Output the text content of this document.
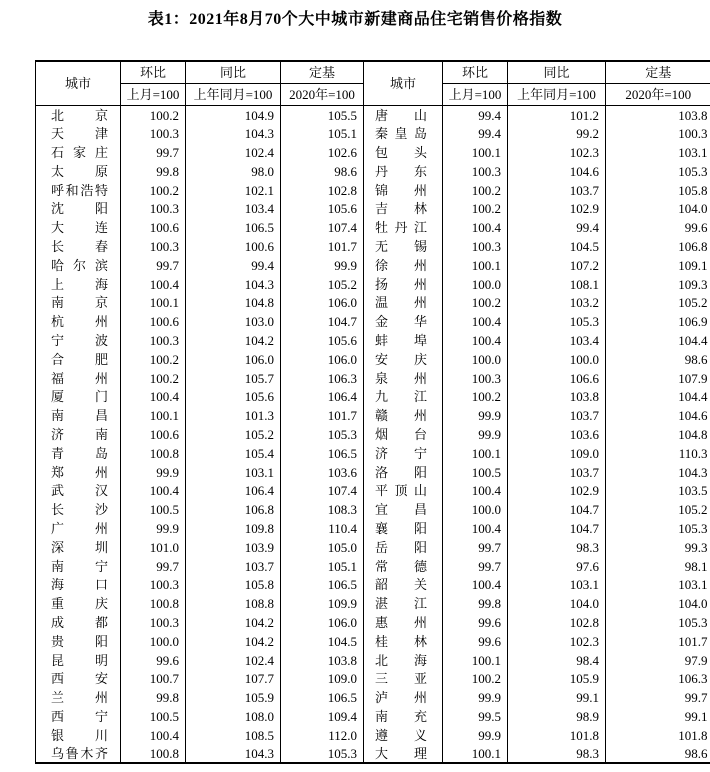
表1：2021年8月70个大中城市新建商品住宅销售价格指数
城市	环比	同比	定基	城市	环比	同比	定基
	上月=100	上年同月=100	2020年=100		上月=100	上年同月=100	2020年=100

北 京	100.2	104.9	105.5	唐 山	99.4	101.2	103.8

天 津	100.3	104.3	105.1	秦 皇 岛	99.4	99.2	100.3

石 家 庄	99.7	102.4	102.6	包 头	100.1	102.3	103.1

太 原	99.8	98.0	98.6	丹 东	100.3	104.6	105.3

呼 和 浩 特	100.2	102.1	102.8	锦 州	100.2	103.7	105.8

沈 阳	100.3	103.4	105.6	吉 林	100.2	102.9	104.0

大 连	100.6	106.5	107.4	牡 丹 江	100.4	99.4	99.6

长 春	100.3	100.6	101.7	无 锡	100.3	104.5	106.8

哈 尔 滨	99.7	99.4	99.9	徐 州	100.1	107.2	109.1

上 海	100.4	104.3	105.2	扬 州	100.0	108.1	109.3

南 京	100.1	104.8	106.0	温 州	100.2	103.2	105.2

杭 州	100.6	103.0	104.7	金 华	100.4	105.3	106.9

宁 波	100.3	104.2	105.6	蚌 埠	100.4	103.4	104.4

合 肥	100.2	106.0	106.0	安 庆	100.0	100.0	98.6

福 州	100.2	105.7	106.3	泉 州	100.3	106.6	107.9

厦 门	100.4	105.6	106.4	九 江	100.2	103.8	104.4

南 昌	100.1	101.3	101.7	赣 州	99.9	103.7	104.6

济 南	100.6	105.2	105.3	烟 台	99.9	103.6	104.8

青 岛	100.8	105.4	106.5	济 宁	100.1	109.0	110.3

郑 州	99.9	103.1	103.6	洛 阳	100.5	103.7	104.3

武 汉	100.4	106.4	107.4	平 顶 山	100.4	102.9	103.5

长 沙	100.5	106.8	108.3	宜 昌	100.0	104.7	105.2

广 州	99.9	109.8	110.4	襄 阳	100.4	104.7	105.3

深 圳	101.0	103.9	105.0	岳 阳	99.7	98.3	99.3

南 宁	99.7	103.7	105.1	常 德	99.7	97.6	98.1

海 口	100.3	105.8	106.5	韶 关	100.4	103.1	103.1

重 庆	100.8	108.8	109.9	湛 江	99.8	104.0	104.0

成 都	100.3	104.2	106.0	惠 州	99.6	102.8	105.3

贵 阳	100.0	104.2	104.5	桂 林	99.6	102.3	101.7

昆 明	99.6	102.4	103.8	北 海	100.1	98.4	97.9

西 安	100.7	107.7	109.0	三 亚	100.2	105.9	106.3

兰 州	99.8	105.9	106.5	泸 州	99.9	99.1	99.7

西 宁	100.5	108.0	109.4	南 充	99.5	98.9	99.1

银 川	100.4	108.5	112.0	遵 义	99.9	101.8	101.8

乌 鲁 木 齐	100.8	104.3	105.3	大 理	100.1	98.3	98.6
